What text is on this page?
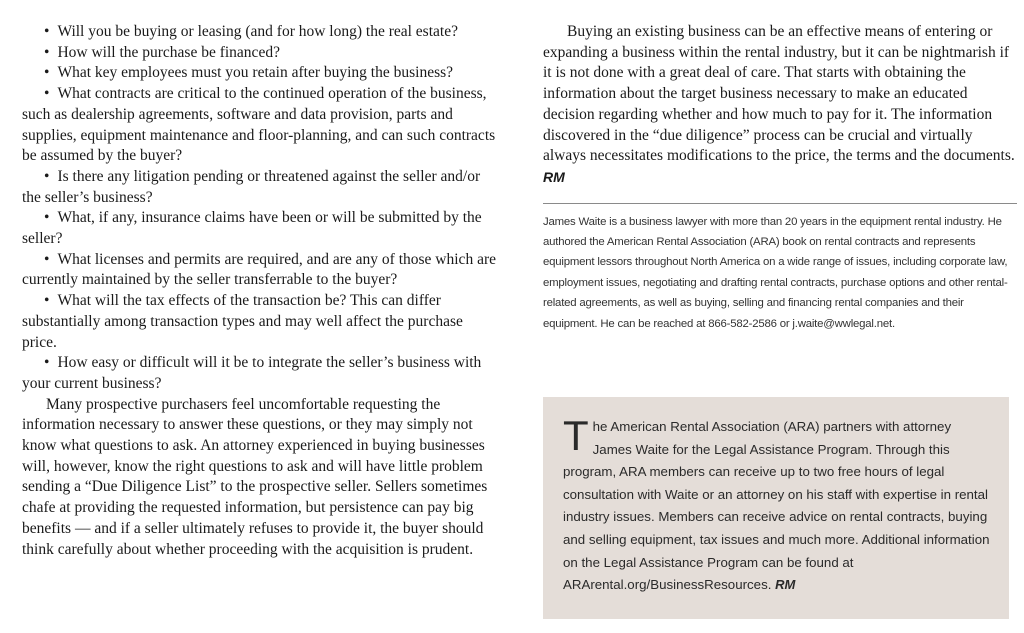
• Will you be buying or leasing (and for how long) the real estate?

• How will the purchase be financed?

• What key employees must you retain after buying the business?

• What contracts are critical to the continued operation of the business, such as dealership agreements, software and data provision, parts and supplies, equipment maintenance and floor-planning, and can such contracts be assumed by the buyer?

• Is there any litigation pending or threatened against the seller and/or the seller’s business?

• What, if any, insurance claims have been or will be submitted by the seller?

• What licenses and permits are required, and are any of those which are currently maintained by the seller transferrable to the buyer?

• What will the tax effects of the transaction be? This can differ substantially among transaction types and may well affect the purchase price.

• How easy or difficult will it be to integrate the seller’s business with your current business?

Many prospective purchasers feel uncomfortable requesting the information necessary to answer these questions, or they may simply not know what questions to ask. An attorney experienced in buying businesses will, however, know the right questions to ask and will have little problem sending a “Due Diligence List” to the prospective seller. Sellers sometimes chafe at providing the requested information, but persistence can pay big benefits — and if a seller ultimately refuses to provide it, the buyer should think carefully about whether proceeding with the acquisition is prudent.

Buying an existing business can be an effective means of entering or expanding a business within the rental industry, but it can be nightmarish if it is not done with a great deal of care. That starts with obtaining the information about the target business necessary to make an educated decision regarding whether and how much to pay for it. The information discovered in the “due diligence” process can be crucial and virtually always necessitates modifications to the price, the terms and the documents. RM

James Waite is a business lawyer with more than 20 years in the equipment rental industry. He authored the American Rental Association (ARA) book on rental contracts and represents equipment lessors throughout North America on a wide range of issues, including corporate law, employment issues, negotiating and drafting rental contracts, purchase options and other rental-related agreements, as well as buying, selling and financing rental companies and their equipment. He can be reached at 866-582-2586 or j.waite@wwlegal.net.

The American Rental Association (ARA) partners with attorney James Waite for the Legal Assistance Program. Through this program, ARA members can receive up to two free hours of legal consultation with Waite or an attorney on his staff with expertise in rental industry issues. Members can receive advice on rental contracts, buying and selling equipment, tax issues and much more. Additional information on the Legal Assistance Program can be found at ARArental.org/BusinessResources. RM
